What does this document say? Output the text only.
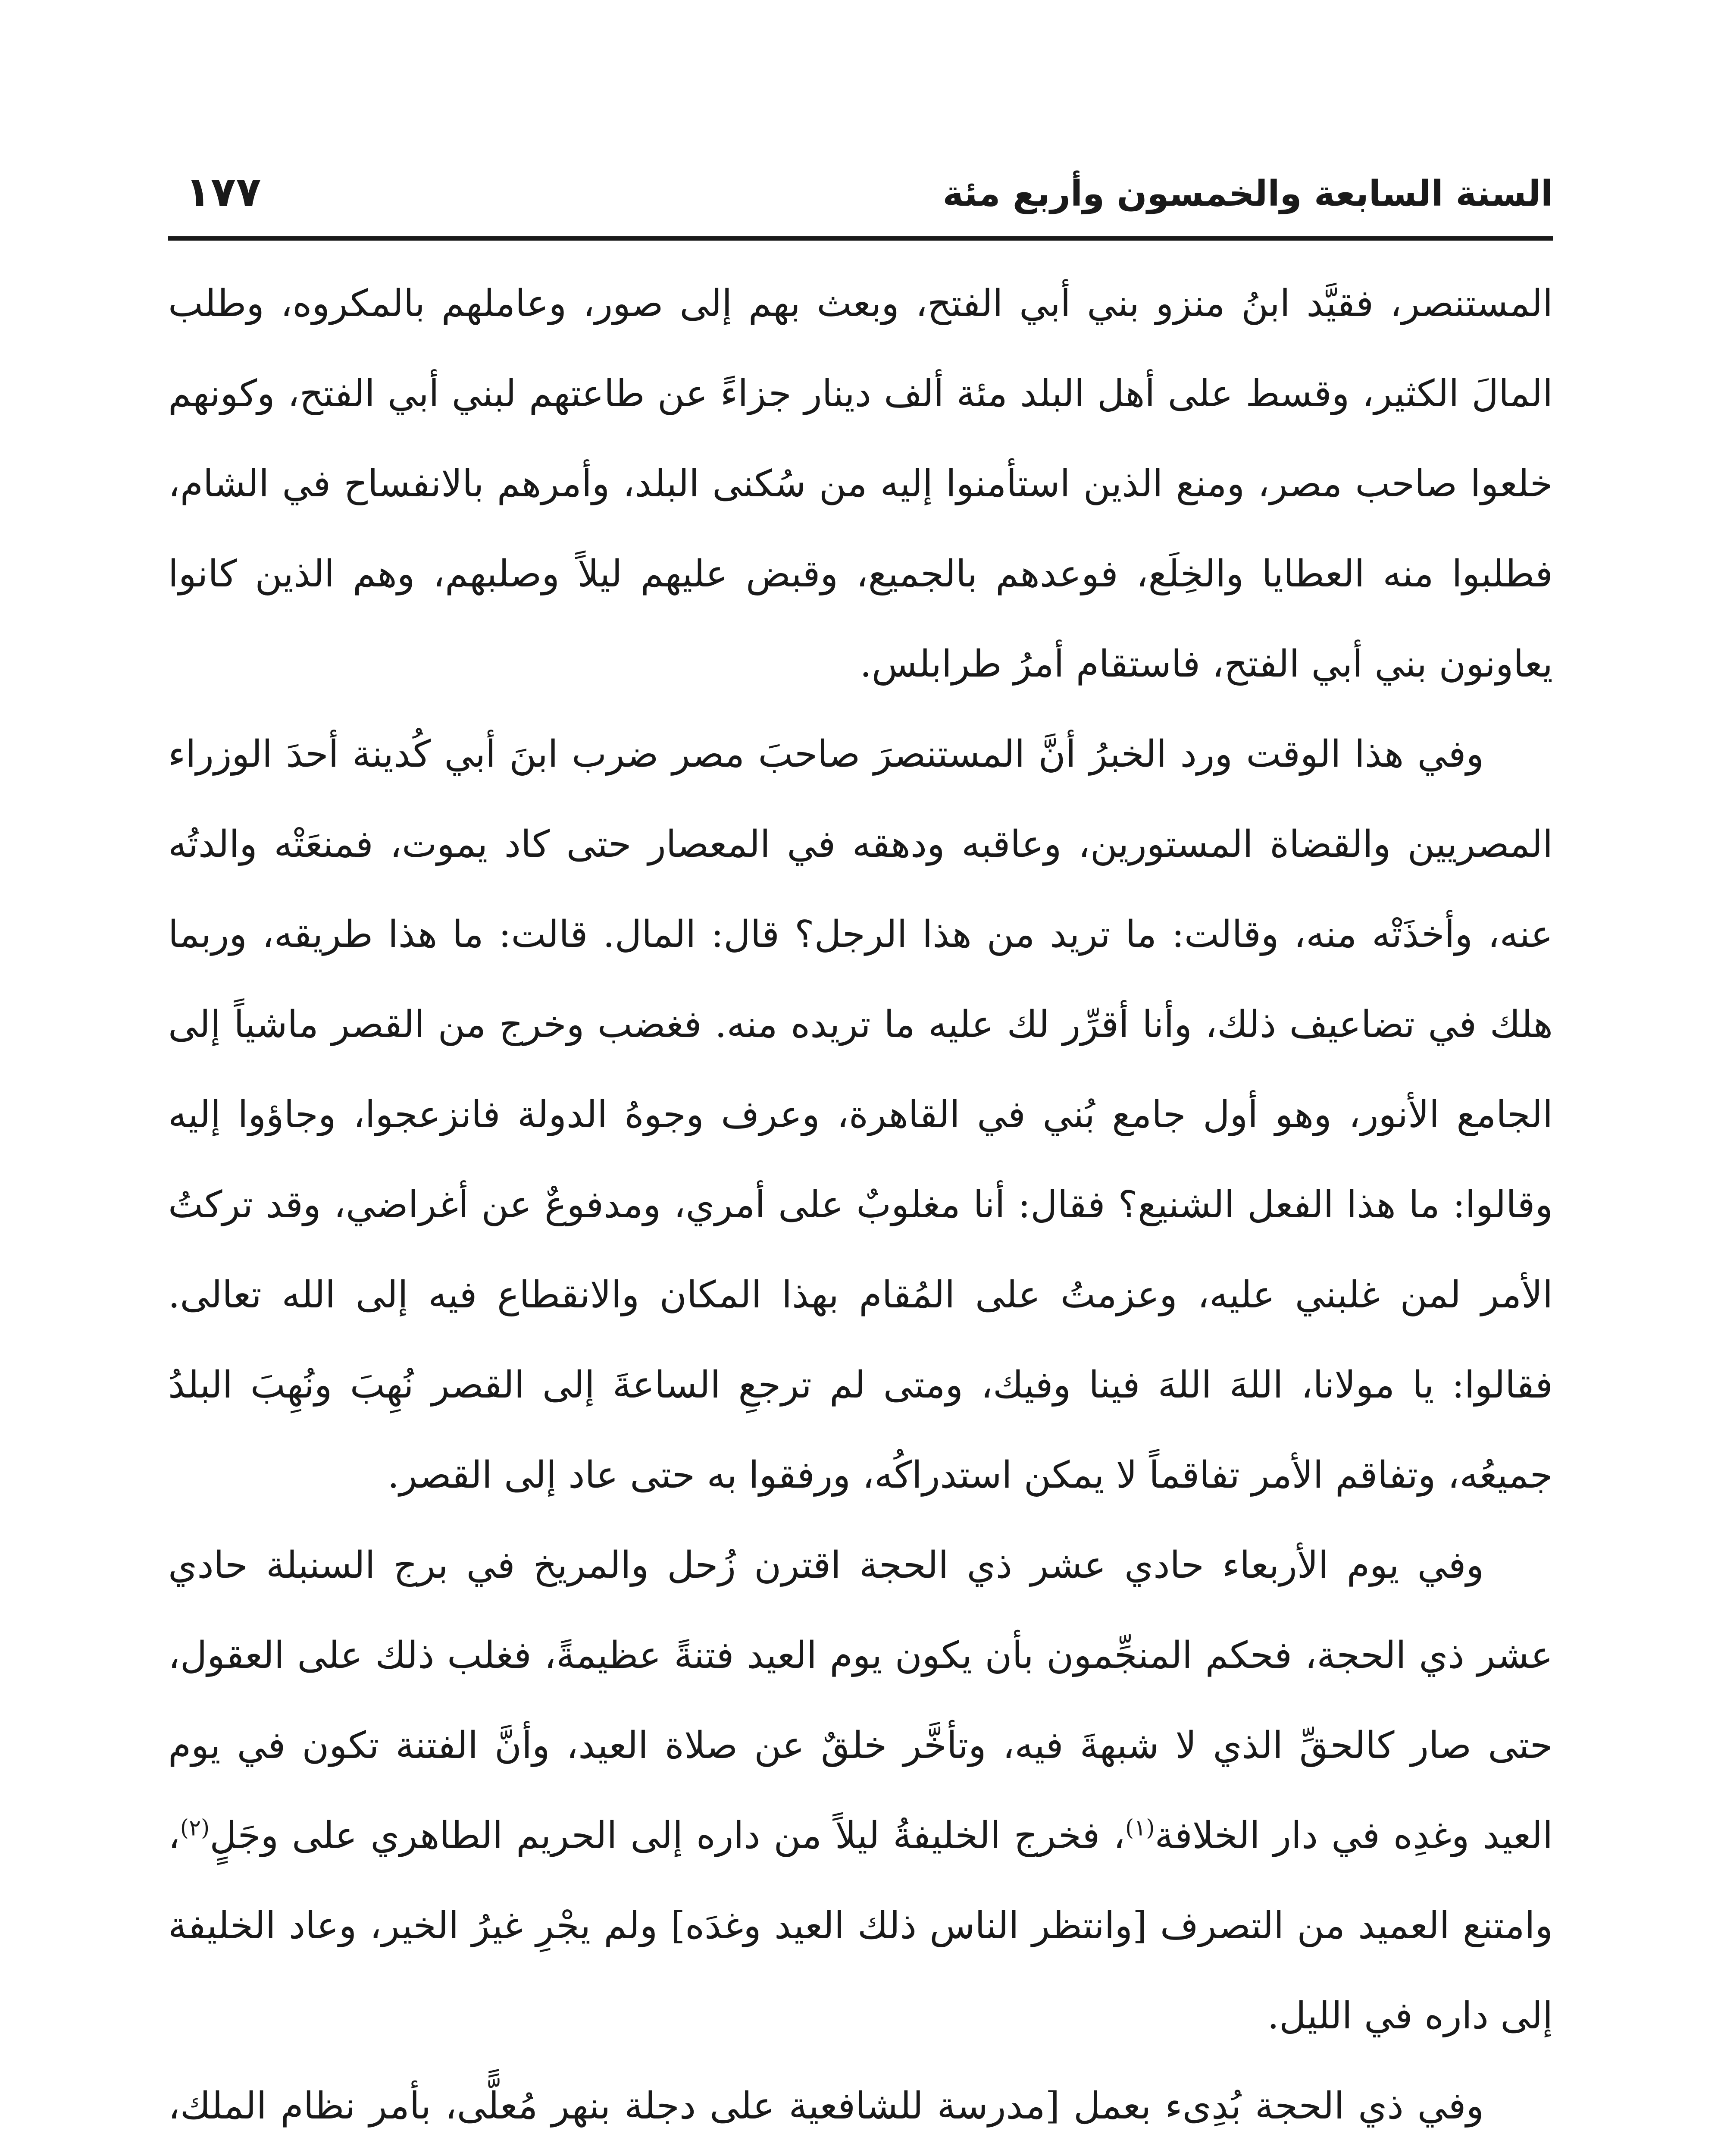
السنة السابعة والخمسون وأربع مئة
١٧٧

المستنصر، فقيَّد ابنُ منزو بني أبي الفتح، وبعث بهم إلى صور، وعاملهم بالمكروه، وطلب المالَ الكثير، وقسط على أهل البلد مئة ألف دينار جزاءً عن طاعتهم لبني أبي الفتح، وكونهم خلعوا صاحب مصر، ومنع الذين استأمنوا إليه من سُكنى البلد، وأمرهم بالانفساح في الشام، فطلبوا منه العطايا والخِلَع، فوعدهم بالجميع، وقبض عليهم ليلاً وصلبهم، وهم الذين كانوا يعاونون بني أبي الفتح، فاستقام أمرُ طرابلس.

وفي هذا الوقت ورد الخبرُ أنَّ المستنصرَ صاحبَ مصر ضرب ابنَ أبي كُدينة أحدَ الوزراء المصريين والقضاة المستورين، وعاقبه ودهقه في المعصار حتى كاد يموت، فمنعَتْه والدتُه عنه، وأخذَتْه منه، وقالت: ما تريد من هذا الرجل؟ قال: المال. قالت: ما هذا طريقه، وربما هلك في تضاعيف ذلك، وأنا أقرِّر لك عليه ما تريده منه. فغضب وخرج من القصر ماشياً إلى الجامع الأنور، وهو أول جامع بُني في القاهرة، وعرف وجوهُ الدولة فانزعجوا، وجاؤوا إليه وقالوا: ما هذا الفعل الشنيع؟ فقال: أنا مغلوبٌ على أمري، ومدفوعٌ عن أغراضي، وقد تركتُ الأمر لمن غلبني عليه، وعزمتُ على المُقام بهذا المكان والانقطاع فيه إلى الله تعالى. فقالوا: يا مولانا، اللهَ اللهَ فينا وفيك، ومتى لم ترجعِ الساعةَ إلى القصر نُهِبَ ونُهِبَ البلدُ جميعُه، وتفاقم الأمر تفاقماً لا يمكن استدراكُه، ورفقوا به حتى عاد إلى القصر.

وفي يوم الأربعاء حادي عشر ذي الحجة اقترن زُحل والمريخ في برج السنبلة حادي عشر ذي الحجة، فحكم المنجِّمون بأن يكون يوم العيد فتنةً عظيمةً، فغلب ذلك على العقول، حتى صار كالحقِّ الذي لا شبهةَ فيه، وتأخَّر خلقٌ عن صلاة العيد، وأنَّ الفتنة تكون في يوم العيد وغدِه في دار الخلافة$^{(١)}$، فخرج الخليفةُ ليلاً من داره إلى الحريم الطاهري على وجَلٍ$^{(٢)}$، وامتنع العميد من التصرف [وانتظر الناس ذلك العيد وغدَه] ولم يجْرِ غيرُ الخير، وعاد الخليفة إلى داره في الليل.

وفي ذي الحجة بُدِىء بعمل [مدرسة للشافعية على دجلة بنهر مُعلًّى، بأمر نظام الملك،
